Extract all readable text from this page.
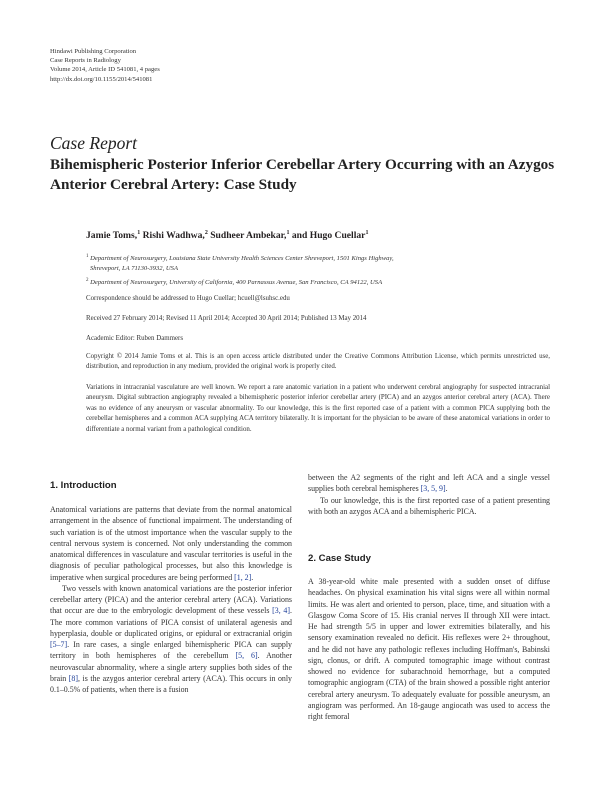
Hindawi Publishing Corporation
Case Reports in Radiology
Volume 2014, Article ID 541081, 4 pages
http://dx.doi.org/10.1155/2014/541081
Case Report
Bihemispheric Posterior Inferior Cerebellar Artery Occurring with an Azygos Anterior Cerebral Artery: Case Study
Jamie Toms,$^1$ Rishi Wadhwa,$^2$ Sudheer Ambekar,$^1$ and Hugo Cuellar$^1$
$^1$ Department of Neurosurgery, Louisiana State University Health Sciences Center Shreveport, 1501 Kings Highway,
Shreveport, LA 71130-3932, USA
$^2$ Department of Neurosurgery, University of California, 400 Parnassus Avenue, San Francisco, CA 94122, USA
Correspondence should be addressed to Hugo Cuellar; hcuell@lsuhsc.edu
Received 27 February 2014; Revised 11 April 2014; Accepted 30 April 2014; Published 13 May 2014
Academic Editor: Ruben Dammers
Copyright © 2014 Jamie Toms et al. This is an open access article distributed under the Creative Commons Attribution License, which permits unrestricted use, distribution, and reproduction in any medium, provided the original work is properly cited.
Variations in intracranial vasculature are well known. We report a rare anatomic variation in a patient who underwent cerebral angiography for suspected intracranial aneurysm. Digital subtraction angiography revealed a bihemispheric posterior inferior cerebellar artery (PICA) and an azygos anterior cerebral artery (ACA). There was no evidence of any aneurysm or vascular abnormality. To our knowledge, this is the first reported case of a patient with a common PICA supplying both the cerebellar hemispheres and a common ACA supplying ACA territory bilaterally. It is important for the physician to be aware of these anatomical variations in order to differentiate a normal variant from a pathological condition.
1. Introduction

Anatomical variations are patterns that deviate from the normal anatomical arrangement in the absence of functional impairment. The understanding of such variation is of the utmost importance when the vascular supply to the central nervous system is concerned. Not only understanding the common anatomical differences in vasculature and vascular territories is useful in the diagnosis of peculiar pathological processes, but also this knowledge is imperative when surgical procedures are being performed [1, 2].

Two vessels with known anatomical variations are the posterior inferior cerebellar artery (PICA) and the anterior cerebral artery (ACA). Variations that occur are due to the embryologic development of these vessels [3, 4]. The more common variations of PICA consist of unilateral agenesis and hyperplasia, double or duplicated origins, or epidural or extracranial origin [5–7]. In rare cases, a single enlarged bihemispheric PICA can supply territory in both hemispheres of the cerebellum [5, 6]. Another neurovascular abnormality, where a single artery supplies both sides of the brain [8], is the azygos anterior cerebral artery (ACA). This occurs in only 0.1–0.5% of patients, when there is a fusion

between the A2 segments of the right and left ACA and a single vessel supplies both cerebral hemispheres [3, 5, 9].

To our knowledge, this is the first reported case of a patient presenting with both an azygos ACA and a bihemispheric PICA.

2. Case Study

A 38-year-old white male presented with a sudden onset of diffuse headaches. On physical examination his vital signs were all within normal limits. He was alert and oriented to person, place, time, and situation with a Glasgow Coma Score of 15. His cranial nerves II through XII were intact. He had strength 5/5 in upper and lower extremities bilaterally, and his sensory examination revealed no deficit. His reflexes were 2+ throughout, and he did not have any pathologic reflexes including Hoffman's, Babinski sign, clonus, or drift. A computed tomographic image without contrast showed no evidence for subarachnoid hemorrhage, but a computed tomographic angiogram (CTA) of the brain showed a possible right anterior cerebral artery aneurysm. To adequately evaluate for possible aneurysm, an angiogram was performed. An 18-gauge angiocath was used to access the right femoral
